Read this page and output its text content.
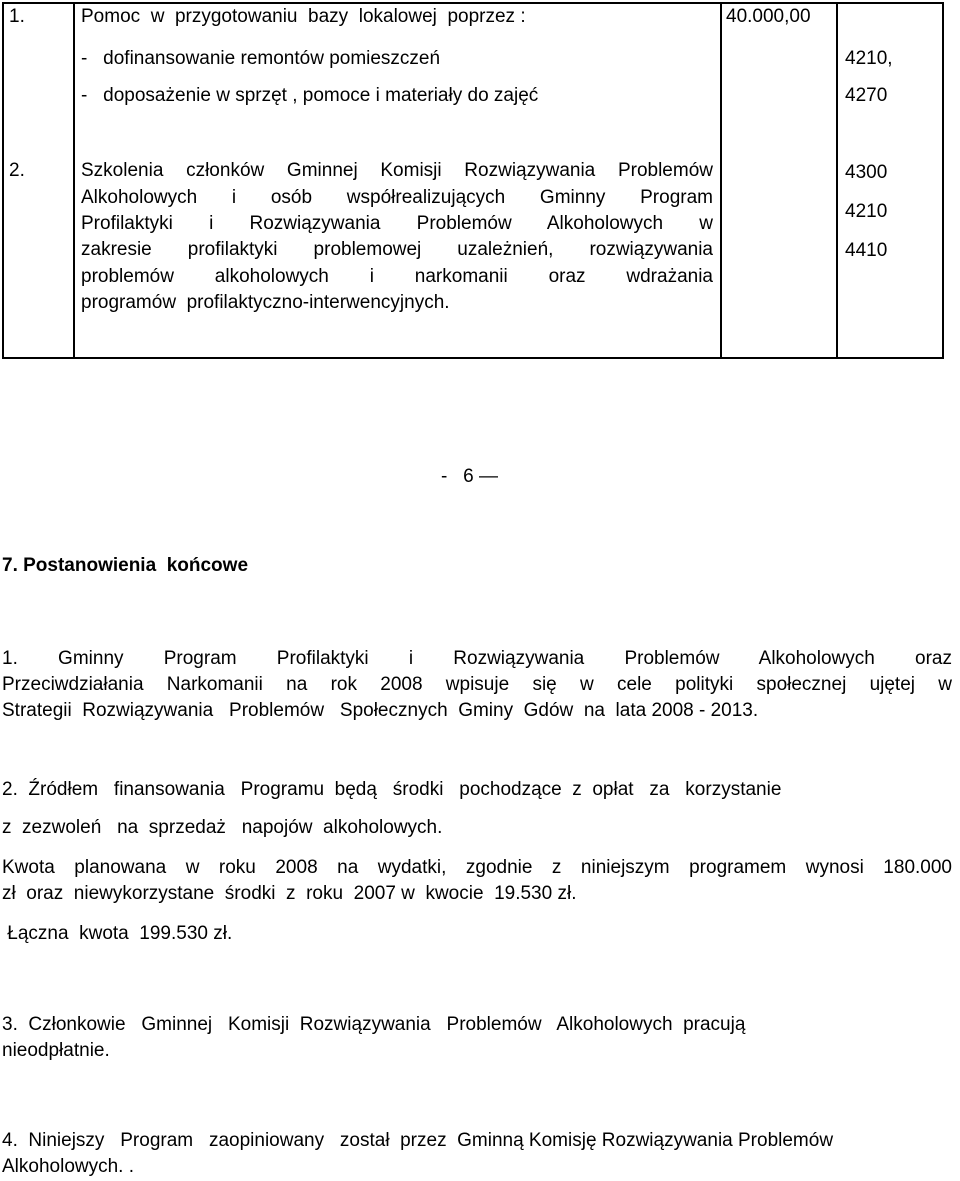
1.	Pomoc  w  przygotowaniu  bazy  lokalowej  poprzez :
-   dofinansowanie remontów pomieszczeń
-   doposażenie w sprzęt , pomoce i materiały do zajęć
40.000,00
4210,
4270
2.	Szkolenia członków Gminnej Komisji Rozwiązywania Problemów
Alkoholowych i osób współrealizujących Gminny Program
Profilaktyki i Rozwiązywania Problemów Alkoholowych w
zakresie profilaktyki problemowej uzależnień, rozwiązywania
problemów alkoholowych i narkomanii oraz wdrażania
programów  profilaktyczno-interwencyjnych.
4300
4210
4410
-   6 —
7. Postanowienia  końcowe
1. Gminny Program Profilaktyki i Rozwiązywania Problemów Alkoholowych oraz
Przeciwdziałania Narkomanii na rok 2008 wpisuje się w cele polityki społecznej ujętej w
Strategii  Rozwiązywania   Problemów   Społecznych  Gminy  Gdów  na  lata 2008 - 2013.
2.  Źródłem   finansowania   Programu  będą   środki   pochodzące  z  opłat   za   korzystanie
z  zezwoleń   na  sprzedaż   napojów  alkoholowych.
Kwota planowana w roku 2008 na wydatki, zgodnie z niniejszym programem wynosi 180.000
zł  oraz  niewykorzystane  środki  z  roku  2007 w  kwocie  19.530 zł.
Łączna  kwota  199.530 zł.
3.  Członkowie   Gminnej   Komisji  Rozwiązywania   Problemów   Alkoholowych  pracują
nieodpłatnie.
4.  Niniejszy   Program   zaopiniowany   został  przez  Gminną Komisję Rozwiązywania Problemów
Alkoholowych. .
